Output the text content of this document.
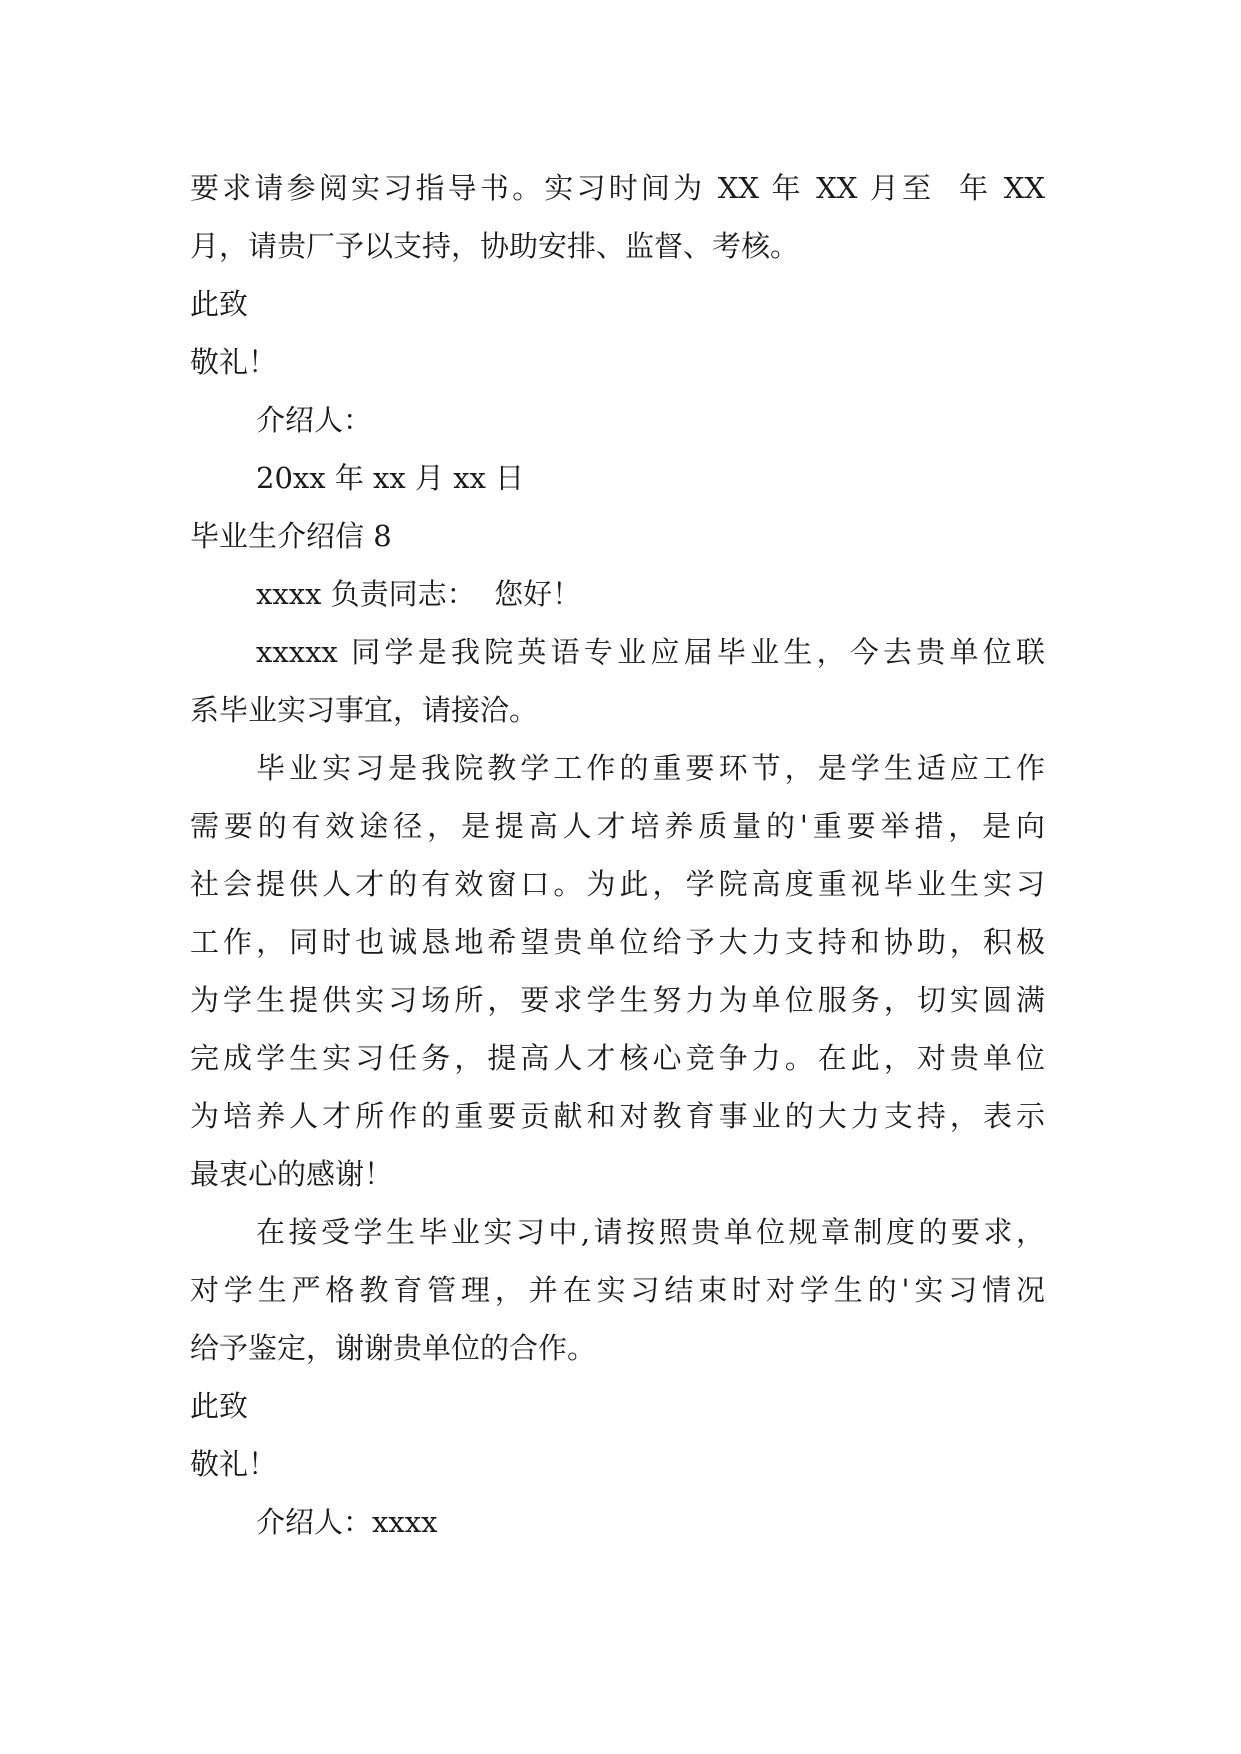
要求请参阅实习指导书。实习时间为 XX 年 XX 月至  年 XX
月，请贵厂予以支持，协助安排、监督、考核。
此致
敬礼！
介绍人：
20xx 年 xx 月 xx 日
毕业生介绍信 8
xxxx 负责同志：  您好！
xxxxx 同学是我院英语专业应届毕业生，今去贵单位联
系毕业实习事宜，请接洽。
毕业实习是我院教学工作的重要环节，是学生适应工作
需要的有效途径，是提高人才培养质量的'重要举措，是向
社会提供人才的有效窗口。为此，学院高度重视毕业生实习
工作，同时也诚恳地希望贵单位给予大力支持和协助，积极
为学生提供实习场所，要求学生努力为单位服务，切实圆满
完成学生实习任务，提高人才核心竞争力。在此，对贵单位
为培养人才所作的重要贡献和对教育事业的大力支持，表示
最衷心的感谢！
在接受学生毕业实习中,请按照贵单位规章制度的要求，
对学生严格教育管理，并在实习结束时对学生的'实习情况
给予鉴定，谢谢贵单位的合作。
此致
敬礼！
介绍人：xxxx
